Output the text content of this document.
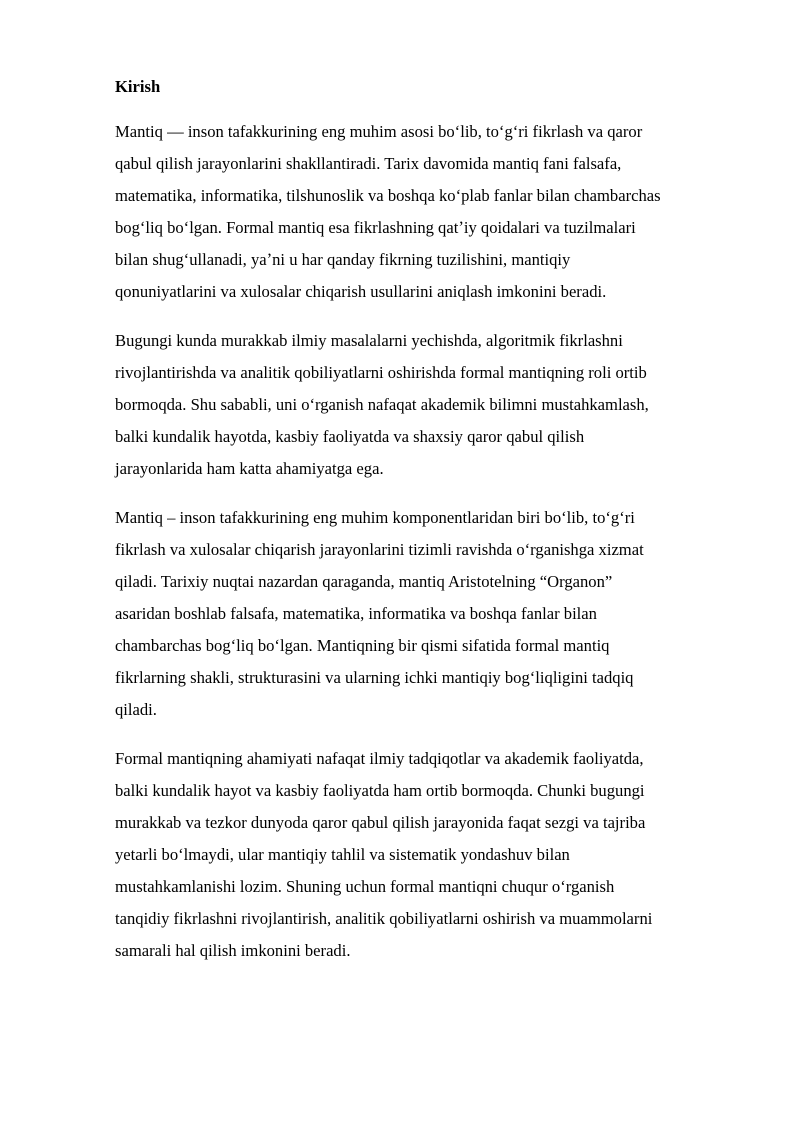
Kirish

Mantiq — inson tafakkurining eng muhim asosi boʻlib, toʻgʻri fikrlash va qaror
qabul qilish jarayonlarini shakllantiradi. Tarix davomida mantiq fani falsafa,
matematika, informatika, tilshunoslik va boshqa koʻplab fanlar bilan chambarchas
bogʻliq boʻlgan. Formal mantiq esa fikrlashning qatʼiy qoidalari va tuzilmalari
bilan shugʻullanadi, yaʼni u har qanday fikrning tuzilishini, mantiqiy
qonuniyatlarini va xulosalar chiqarish usullarini aniqlash imkonini beradi.

Bugungi kunda murakkab ilmiy masalalarni yechishda, algoritmik fikrlashni
rivojlantirishda va analitik qobiliyatlarni oshirishda formal mantiqning roli ortib
bormoqda. Shu sababli, uni oʻrganish nafaqat akademik bilimni mustahkamlash,
balki kundalik hayotda, kasbiy faoliyatda va shaxsiy qaror qabul qilish
jarayonlarida ham katta ahamiyatga ega.

Mantiq – inson tafakkurining eng muhim komponentlaridan biri boʻlib, toʻgʻri
fikrlash va xulosalar chiqarish jarayonlarini tizimli ravishda oʻrganishga xizmat
qiladi. Tarixiy nuqtai nazardan qaraganda, mantiq Aristotelning “Organon”
asaridan boshlab falsafa, matematika, informatika va boshqa fanlar bilan
chambarchas bogʻliq boʻlgan. Mantiqning bir qismi sifatida formal mantiq
fikrlarning shakli, strukturasini va ularning ichki mantiqiy bogʻliqligini tadqiq
qiladi.

Formal mantiqning ahamiyati nafaqat ilmiy tadqiqotlar va akademik faoliyatda,
balki kundalik hayot va kasbiy faoliyatda ham ortib bormoqda. Chunki bugungi
murakkab va tezkor dunyoda qaror qabul qilish jarayonida faqat sezgi va tajriba
yetarli boʻlmaydi, ular mantiqiy tahlil va sistematik yondashuv bilan
mustahkamlanishi lozim. Shuning uchun formal mantiqni chuqur oʻrganish
tanqidiy fikrlashni rivojlantirish, analitik qobiliyatlarni oshirish va muammolarni
samarali hal qilish imkonini beradi.
